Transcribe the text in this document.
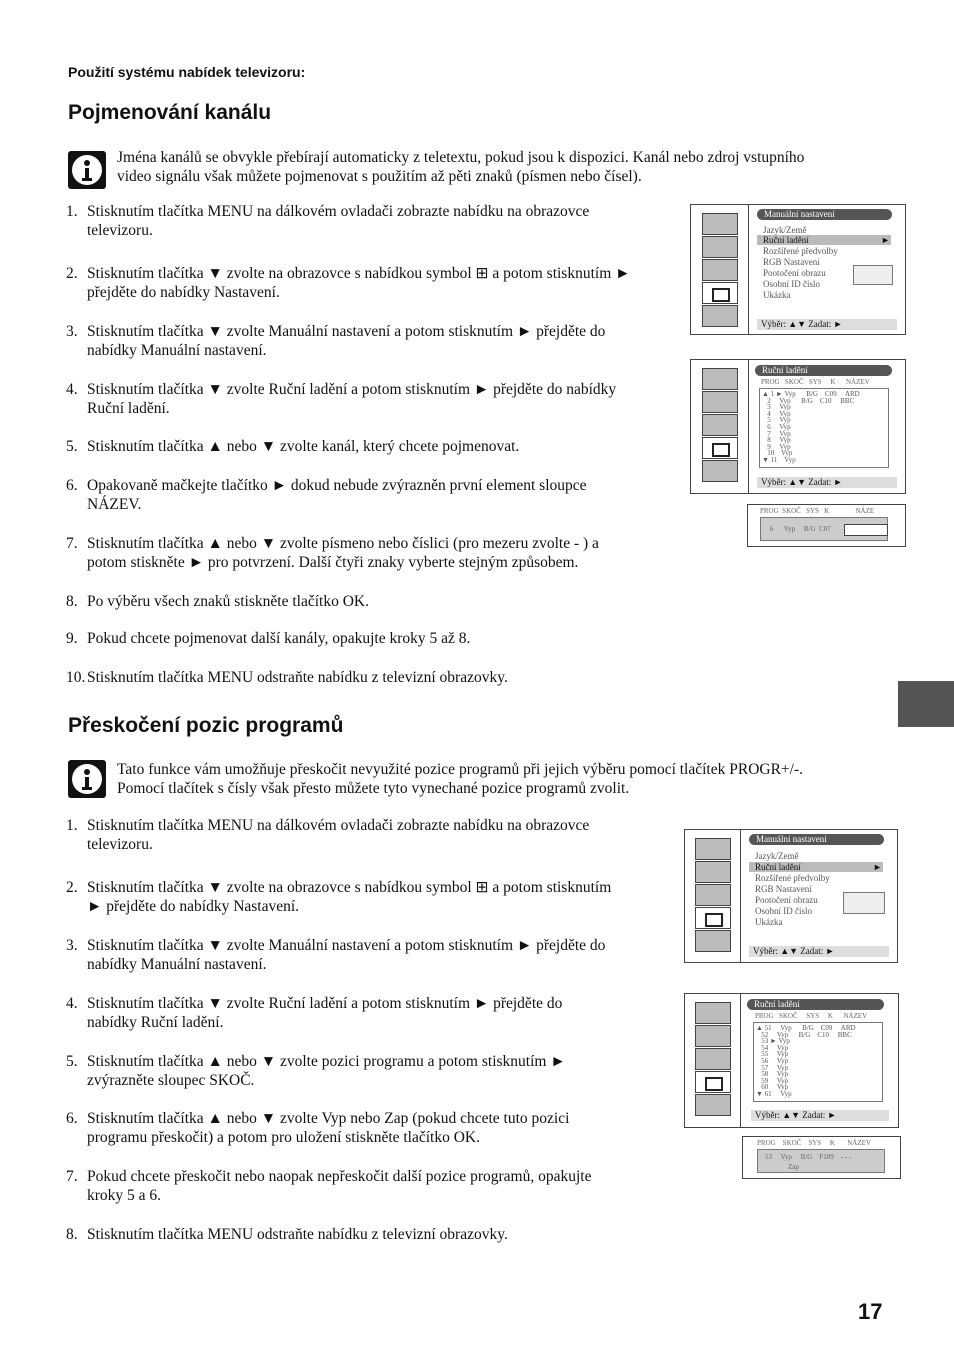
Použití systému nabídek televizoru:
Pojmenování kanálu
Jména kanálů se obvykle přebírají automaticky z teletextu, pokud jsou k dispozici. Kanál nebo zdroj vstupního
video signálu však můžete pojmenovat s použitím až pěti znaků (písmen nebo čísel).
1. Stisknutím tlačítka MENU na dálkovém ovladači zobrazte nabídku na obrazovce
televizoru.
2. Stisknutím tlačítka ▼ zvolte na obrazovce s nabídkou symbol ⊞ a potom stisknutím ►
přejděte do nabídky Nastavení.
3. Stisknutím tlačítka ▼ zvolte Manuální nastavení a potom stisknutím ► přejděte do
nabídky Manuální nastavení.
4. Stisknutím tlačítka ▼ zvolte Ruční ladění a potom stisknutím ► přejděte do nabídky
Ruční ladění.
5. Stisknutím tlačítka ▲ nebo ▼ zvolte kanál, který chcete pojmenovat.
6. Opakovaně mačkejte tlačítko ► dokud nebude zvýrazněn první element sloupce
NÁZEV.
7. Stisknutím tlačítka ▲ nebo ▼ zvolte písmeno nebo číslici (pro mezeru zvolte - ) a
potom stiskněte ► pro potvrzení. Další čtyři znaky vyberte stejným způsobem.
8. Po výběru všech znaků stiskněte tlačítko OK.
9. Pokud chcete pojmenovat další kanály, opakujte kroky 5 až 8.
10. Stisknutím tlačítka MENU odstraňte nabídku z televizní obrazovky.
Manuální nastavení
Jazyk/Země
Ruční ladění	►
Rozšířené předvolby
RGB Nastavení
Pootočení obrazu
Osobní ID číslo
Ukázka
Výběr: ▲▼ Zadat: ►
Ruční ladění
PROG   SKOČ   SYS     K      NÁZEV
▲ 1 ► Vyp      B/G    C09     ARD
2     Vyp      B/G    C10     BBC
3     Vyp
4     Vyp
5     Vyp
6     Vyp
7     Vyp
8     Vyp
9     Vyp
10    Vyp
▼ 11    Vyp
Výběr: ▲▼ Zadat: ►
PROG  SKOČ   SYS   K               NÁZE
6      Vyp     B/G  C07
Přeskočení pozic programů
Tato funkce vám umožňuje přeskočit nevyužité pozice programů při jejich výběru pomocí tlačítek PROGR+/-.
Pomocí tlačítek s čísly však přesto můžete tyto vynechané pozice programů zvolit.
1. Stisknutím tlačítka MENU na dálkovém ovladači zobrazte nabídku na obrazovce
televizoru.
2. Stisknutím tlačítka ▼ zvolte na obrazovce s nabídkou symbol ⊞ a potom stisknutím
► přejděte do nabídky Nastavení.
3. Stisknutím tlačítka ▼ zvolte Manuální nastavení a potom stisknutím ► přejděte do
nabídky Manuální nastavení.
4. Stisknutím tlačítka ▼ zvolte Ruční ladění a potom stisknutím ► přejděte do
nabídky Ruční ladění.
5. Stisknutím tlačítka ▲ nebo ▼ zvolte pozici programu a potom stisknutím ►
zvýrazněte sloupec SKOČ.
6. Stisknutím tlačítka ▲ nebo ▼ zvolte Vyp nebo Zap (pokud chcete tuto pozici
programu přeskočit) a potom pro uložení stiskněte tlačítko OK.
7. Pokud chcete přeskočit nebo naopak nepřeskočit další pozice programů, opakujte
kroky 5 a 6.
8. Stisknutím tlačítka MENU odstraňte nabídku z televizní obrazovky.
Manuální nastavení
Jazyk/Země
Ruční ladění	►
Rozšířené předvolby
RGB Nastavení
Pootočení obrazu
Osobní ID číslo
Ukázka
Výběr: ▲▼ Zadat: ►
Ruční ladění
PROG   SKOČ     SYS     K      NÁZEV
▲ 51     Vyp      B/G    C09     ARD
52     Vyp      B/G    C10     BBC
53 ► Vyp
54     Vyp
55     Vyp
56     Vyp
57     Vyp
58     Vyp
59     Vyp
60     Vyp
▼ 61     Vyp
Výběr: ▲▼ Zadat: ►
PROG    SKOČ    SYS     K       NÁZEV
53     Vyp     B/G    F189    - - -
Zap
17
